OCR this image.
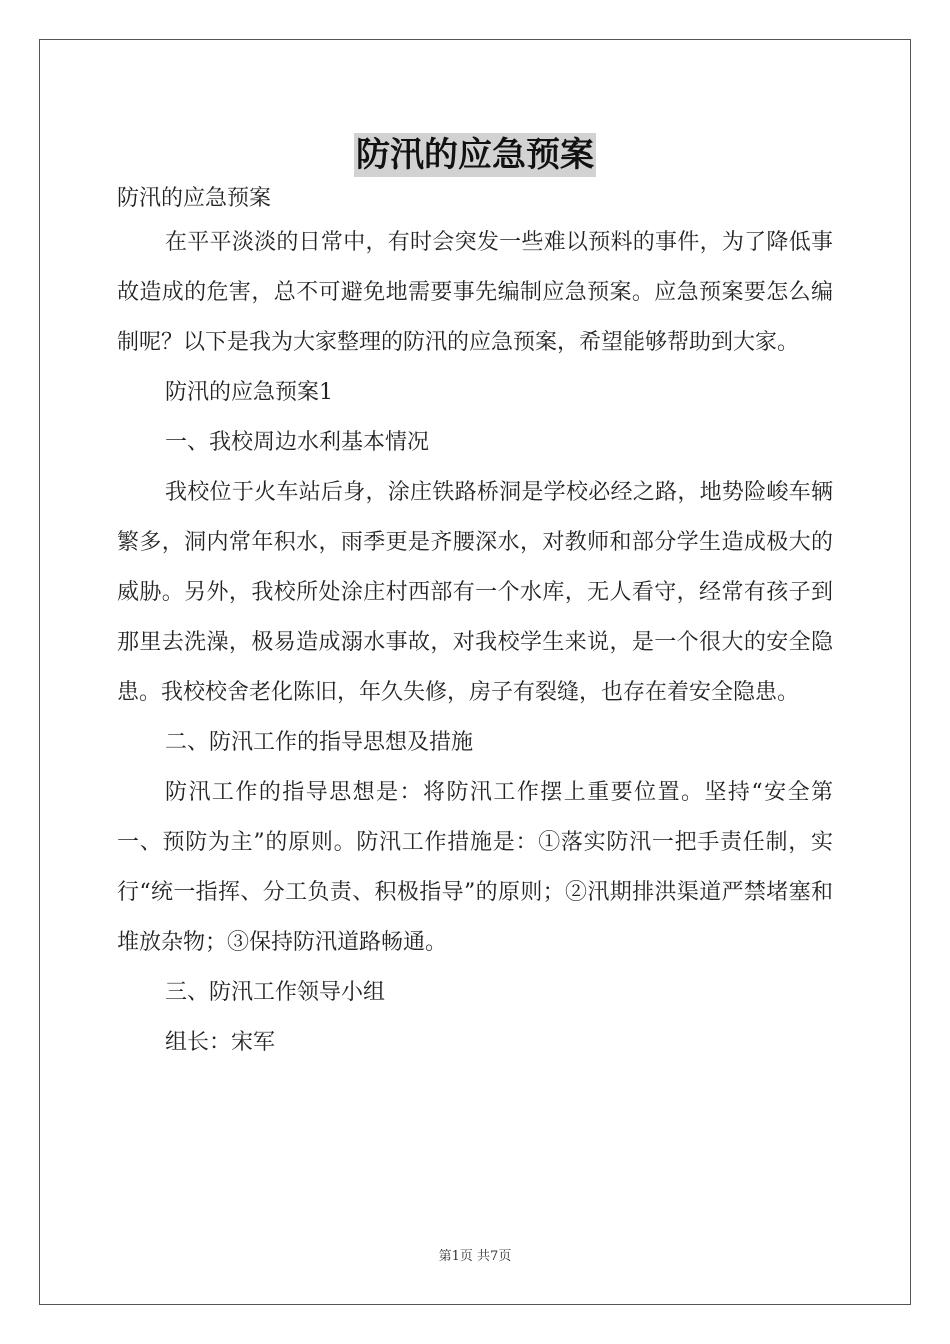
防汛的应急预案

防汛的应急预案

在平平淡淡的日常中，有时会突发一些难以预料的事件，为了降低事故造成的危害，总不可避免地需要事先编制应急预案。应急预案要怎么编制呢？以下是我为大家整理的防汛的应急预案，希望能够帮助到大家。

防汛的应急预案1

一、我校周边水利基本情况

我校位于火车站后身，涂庄铁路桥洞是学校必经之路，地势险峻车辆繁多，洞内常年积水，雨季更是齐腰深水，对教师和部分学生造成极大的威胁。另外，我校所处涂庄村西部有一个水库，无人看守，经常有孩子到那里去洗澡，极易造成溺水事故，对我校学生来说，是一个很大的安全隐患。我校校舍老化陈旧，年久失修，房子有裂缝，也存在着安全隐患。

二、防汛工作的指导思想及措施

防汛工作的指导思想是：将防汛工作摆上重要位置。坚持“安全第一、预防为主”的原则。防汛工作措施是：①落实防汛一把手责任制，实行“统一指挥、分工负责、积极指导”的原则；②汛期排洪渠道严禁堵塞和堆放杂物；③保持防汛道路畅通。

三、防汛工作领导小组

组长：宋军

第1页 共7页
